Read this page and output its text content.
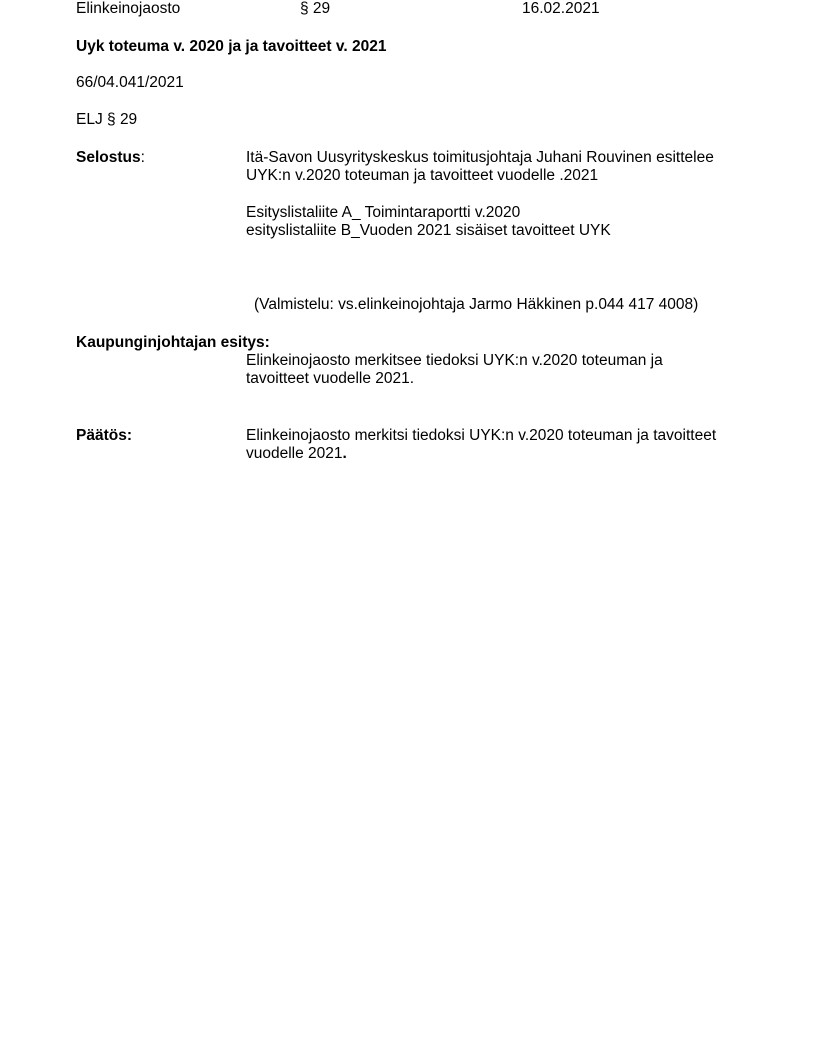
Elinkeinojaosto	§ 29	16.02.2021
Uyk toteuma v. 2020 ja ja tavoitteet v. 2021
66/04.041/2021
ELJ § 29
Selostus:	Itä-Savon Uusyrityskeskus toimitusjohtaja Juhani Rouvinen esittelee
UYK:n v.2020 toteuman ja tavoitteet vuodelle .2021
Esityslistaliite A_ Toimintaraportti v.2020
esityslistaliite B_Vuoden 2021 sisäiset tavoitteet UYK
(Valmistelu: vs.elinkeinojohtaja Jarmo Häkkinen p.044 417 4008)
Kaupunginjohtajan esitys:
Elinkeinojaosto merkitsee tiedoksi UYK:n v.2020 toteuman ja
tavoitteet vuodelle 2021.
Päätös:	Elinkeinojaosto merkitsi tiedoksi UYK:n v.2020 toteuman ja tavoitteet
vuodelle 2021.
